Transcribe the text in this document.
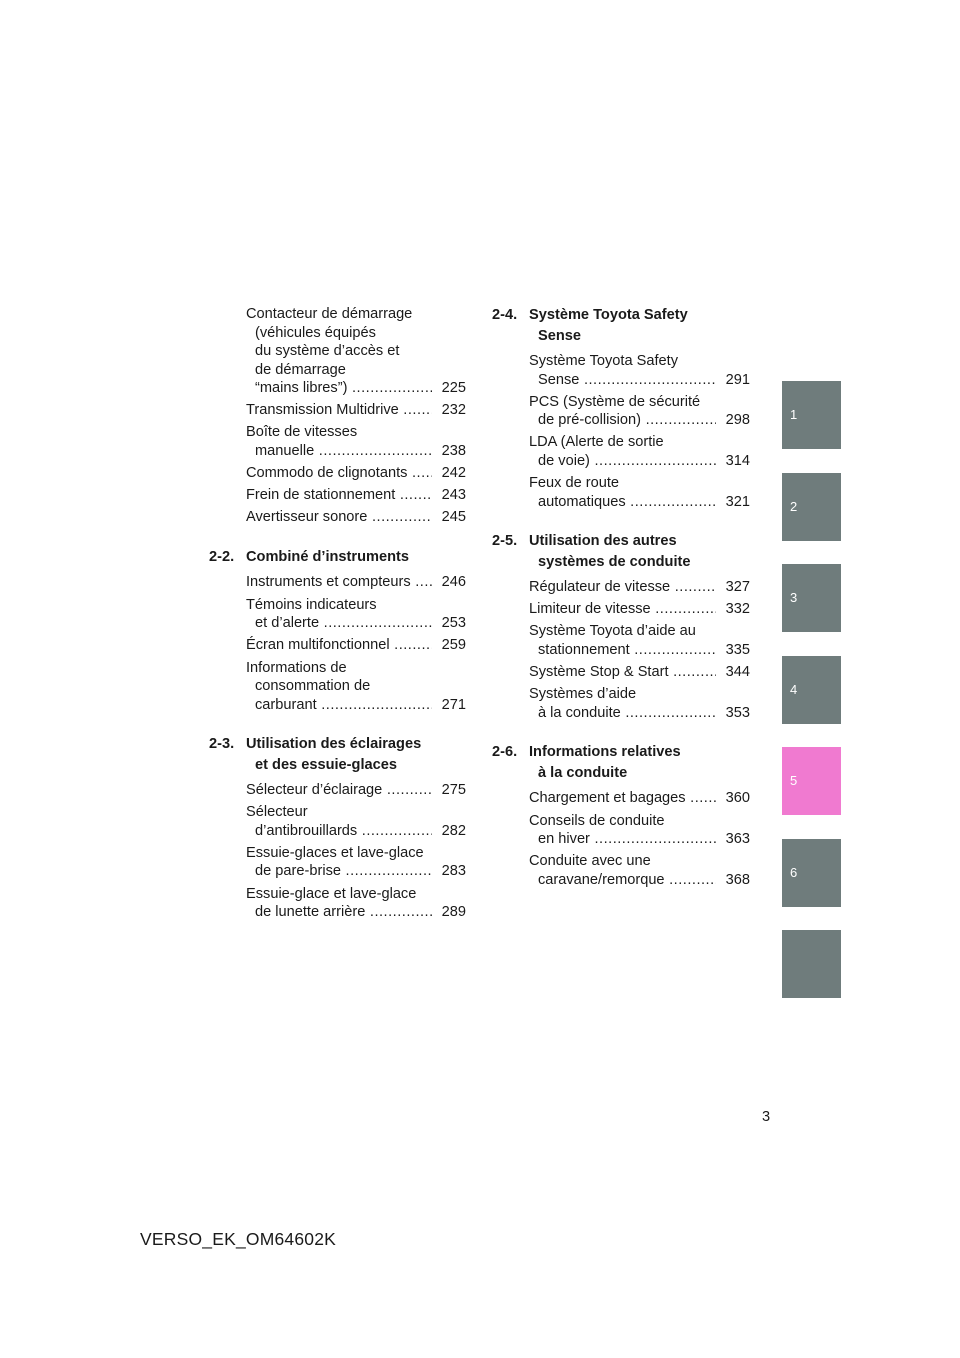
Contacteur de démarrage
(véhicules équipés
du système d’accès et
de démarrage
“mains libres”) .....	225
Transmission Multidrive .....	232
Boîte de vitesses
manuelle .....	238
Commodo de clignotants .....	242
Frein de stationnement .....	243
Avertisseur sonore .....	245
2-2. Combiné d’instruments
Instruments et compteurs .....	246
Témoins indicateurs
et d’alerte .....	253
Écran multifonctionnel .....	259
Informations de
consommation de
carburant .....	271
2-3. Utilisation des éclairages
et des essuie-glaces
Sélecteur d’éclairage .....	275
Sélecteur
d’antibrouillards .....	282
Essuie-glaces et lave-glace
de pare-brise .....	283
Essuie-glace et lave-glace
de lunette arrière .....	289
2-4. Système Toyota Safety
Sense
Système Toyota Safety
Sense .....	291
PCS (Système de sécurité
de pré-collision) .....	298
LDA (Alerte de sortie
de voie) .....	314
Feux de route
automatiques .....	321
2-5. Utilisation des autres
systèmes de conduite
Régulateur de vitesse .....	327
Limiteur de vitesse .....	332
Système Toyota d’aide au
stationnement .....	335
Système Stop & Start .....	344
Systèmes d’aide
à la conduite .....	353
2-6. Informations relatives
à la conduite
Chargement et bagages .....	360
Conseils de conduite
en hiver .....	363
Conduite avec une
caravane/remorque .....	368
1
2
3
4
5
6
3
VERSO_EK_OM64602K
